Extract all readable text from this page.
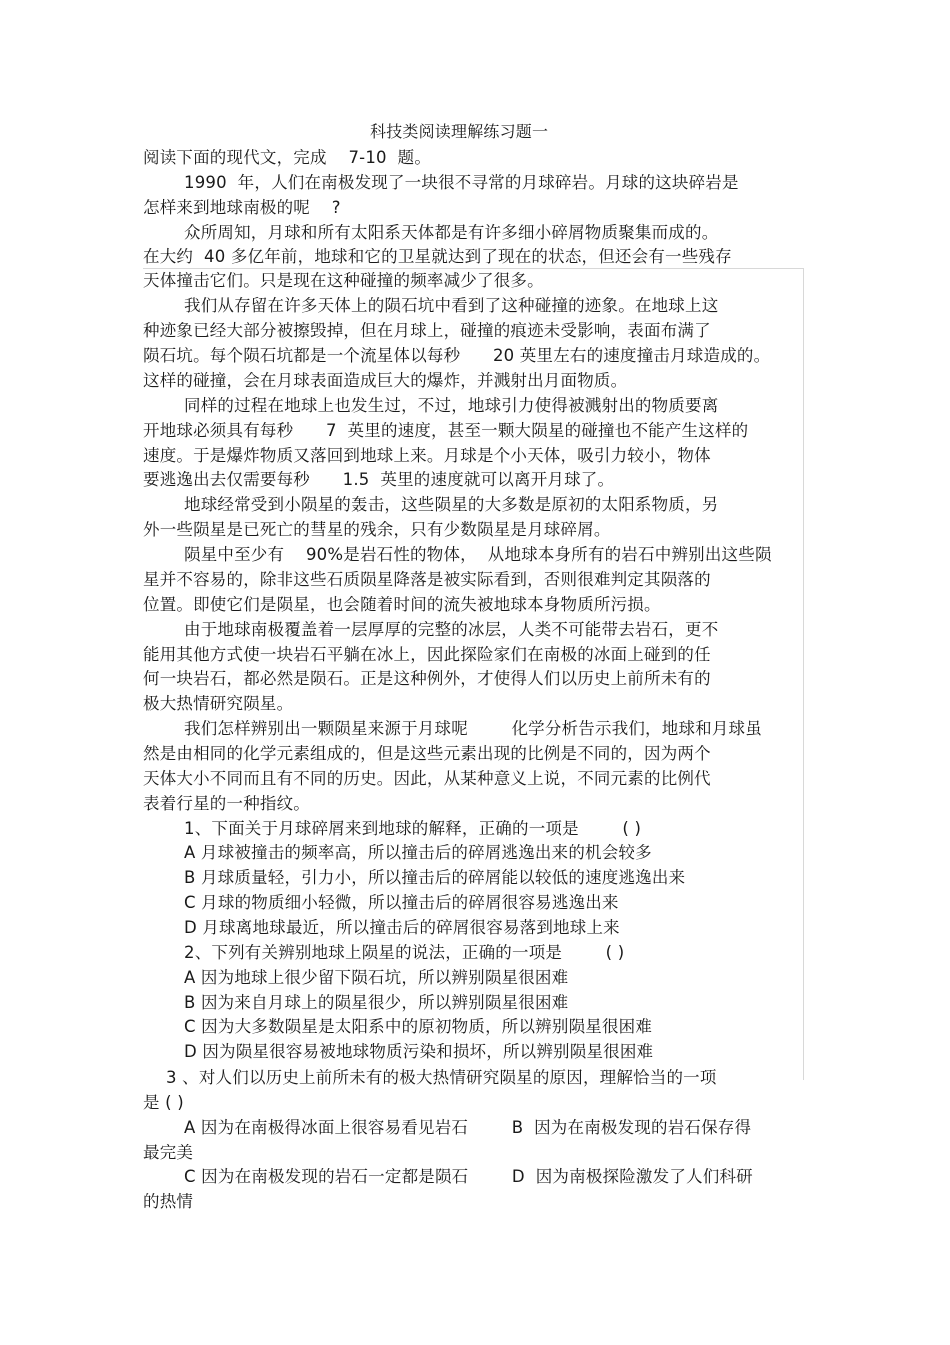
科技类阅读理解练习题一
阅读下面的现代文，完成    7-10  题。
1990  年，人们在南极发现了一块很不寻常的月球碎岩。月球的这块碎岩是
怎样来到地球南极的呢    ?
众所周知，月球和所有太阳系天体都是有许多细小碎屑物质聚集而成的。
在大约  40 多亿年前，地球和它的卫星就达到了现在的状态，但还会有一些残存
天体撞击它们。只是现在这种碰撞的频率减少了很多。
我们从存留在许多天体上的陨石坑中看到了这种碰撞的迹象。在地球上这
种迹象已经大部分被擦毁掉，但在月球上，碰撞的痕迹未受影响，表面布满了
陨石坑。每个陨石坑都是一个流星体以每秒      20 英里左右的速度撞击月球造成的。
这样的碰撞，会在月球表面造成巨大的爆炸，并溅射出月面物质。
同样的过程在地球上也发生过，不过，地球引力使得被溅射出的物质要离
开地球必须具有每秒      7  英里的速度，甚至一颗大陨星的碰撞也不能产生这样的
速度。于是爆炸物质又落回到地球上来。月球是个小天体，吸引力较小，物体
要逃逸出去仅需要每秒      1.5  英里的速度就可以离开月球了。
地球经常受到小陨星的轰击，这些陨星的大多数是原初的太阳系物质，另
外一些陨星是已死亡的彗星的残余，只有少数陨星是月球碎屑。
陨星中至少有    90%是岩石性的物体，  从地球本身所有的岩石中辨别出这些陨
星并不容易的，除非这些石质陨星降落是被实际看到，否则很难判定其陨落的
位置。即使它们是陨星，也会随着时间的流失被地球本身物质所污损。
由于地球南极覆盖着一层厚厚的完整的冰层，人类不可能带去岩石，更不
能用其他方式使一块岩石平躺在冰上，因此探险家们在南极的冰面上碰到的任
何一块岩石，都必然是陨石。正是这种例外，才使得人们以历史上前所未有的
极大热情研究陨星。
我们怎样辨别出一颗陨星来源于月球呢        化学分析告示我们，地球和月球虽
然是由相同的化学元素组成的，但是这些元素出现的比例是不同的，因为两个
天体大小不同而且有不同的历史。因此，从某种意义上说，不同元素的比例代
表着行星的一种指纹。
1、下面关于月球碎屑来到地球的解释，正确的一项是        ( )
A 月球被撞击的频率高，所以撞击后的碎屑逃逸出来的机会较多
B 月球质量轻，引力小，所以撞击后的碎屑能以较低的速度逃逸出来
C 月球的物质细小轻微，所以撞击后的碎屑很容易逃逸出来
D 月球离地球最近，所以撞击后的碎屑很容易落到地球上来
2、下列有关辨别地球上陨星的说法，正确的一项是        ( )
A 因为地球上很少留下陨石坑，所以辨别陨星很困难
B 因为来自月球上的陨星很少，所以辨别陨星很困难
C 因为大多数陨星是太阳系中的原初物质，所以辨别陨星很困难
D 因为陨星很容易被地球物质污染和损坏，所以辨别陨星很困难
3 、对人们以历史上前所未有的极大热情研究陨星的原因，理解恰当的一项
是 ( )
A 因为在南极得冰面上很容易看见岩石        B  因为在南极发现的岩石保存得
最完美
C 因为在南极发现的岩石一定都是陨石        D  因为南极探险激发了人们科研
的热情
